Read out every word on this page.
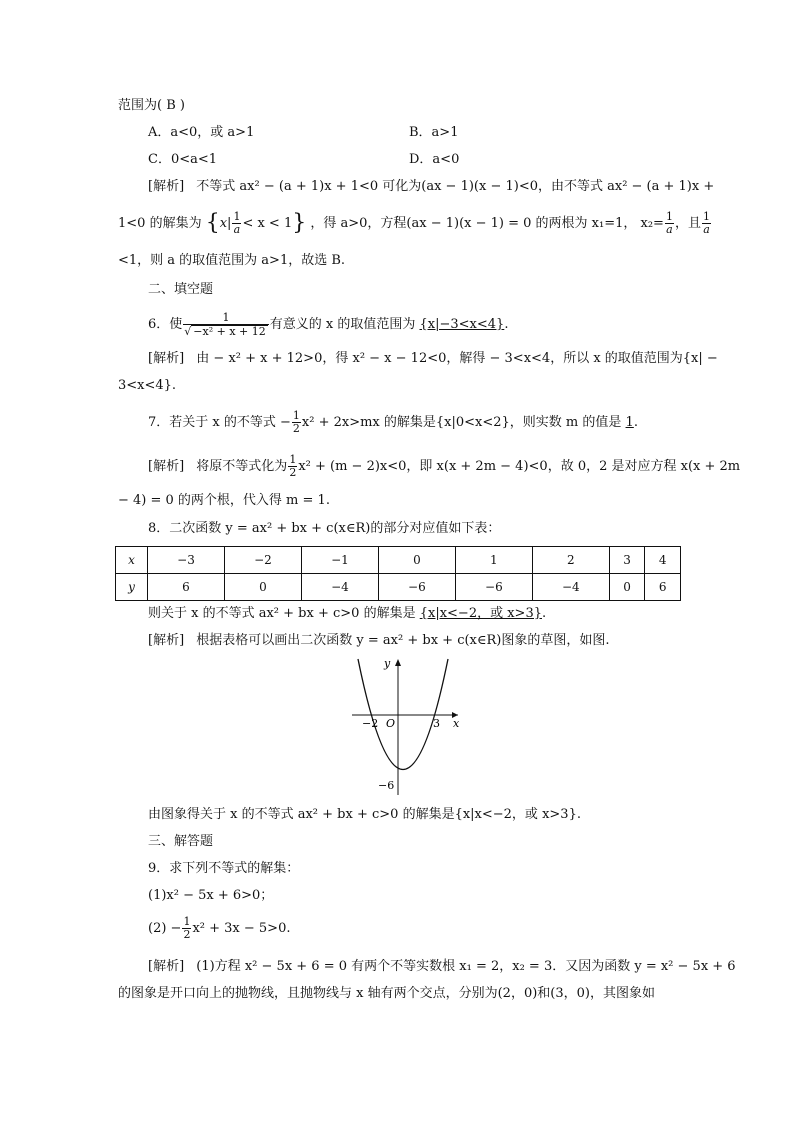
范围为( B )
A．a<0，或 a>1	B．a>1
C．0<a<1	D．a<0
[解析] 不等式 ax² − (a + 1)x + 1<0 可化为(ax − 1)(x − 1)<0，由不等式 ax² − (a + 1)x +
1<0 的解集为 $\{x| \frac{1}{a} < x < 1\}$ ，得 a>0，方程(ax − 1)(x − 1) = 0 的两根为 x₁=1， $x_2= \frac{1}{a}$ ，且 $\frac{1}{a}$
<1，则 a 的取值范围为 a>1，故选 B.
二、填空题
6．使 $\frac{1}{\text{√ −x² + x + 12}}$ 有意义的 x 的取值范围为 {x|−3<x<4}.
[解析] 由 − x² + x + 12>0，得 x² − x − 12<0，解得 − 3<x<4，所以 x 的取值范围为{x| −
3<x<4}.
7．若关于 x 的不等式 − $\frac{1}{2} x^2 + 2x>mx$ 的解集是{x|0<x<2}，则实数 m 的值是 1.
[解析] 将原不等式化为 $\frac{1}{2} x^2 + (m - 2)x<0$，即 x(x + 2m − 4)<0，故 0，2 是对应方程 x(x + 2m
− 4) = 0 的两个根，代入得 m = 1.
8．二次函数 y = ax² + bx + c(x∈R)的部分对应值如下表：
x	−3	−2	−1	0	1	2	3	4
y	6	0	−4	−6	−6	−4	0	6
则关于 x 的不等式 ax² + bx + c>0 的解集是 {x|x<−2，或 x>3}.
[解析] 根据表格可以画出二次函数 y = ax² + bx + c(x∈R)图象的草图，如图.
y
x
O
−2	3
−6
由图象得关于 x 的不等式 ax² + bx + c>0 的解集是{x|x<−2，或 x>3}.
三、解答题
9．求下列不等式的解集：
(1)x² − 5x + 6>0；
$(2) - \frac{1}{2} x^2 + 3x - 5>0$.
[解析] (1)方程 x² − 5x + 6 = 0 有两个不等实数根 x₁ = 2，x₂ = 3．又因为函数 y = x² − 5x + 6
的图象是开口向上的抛物线，且抛物线与 x 轴有两个交点，分别为(2，0)和(3，0)，其图象如
